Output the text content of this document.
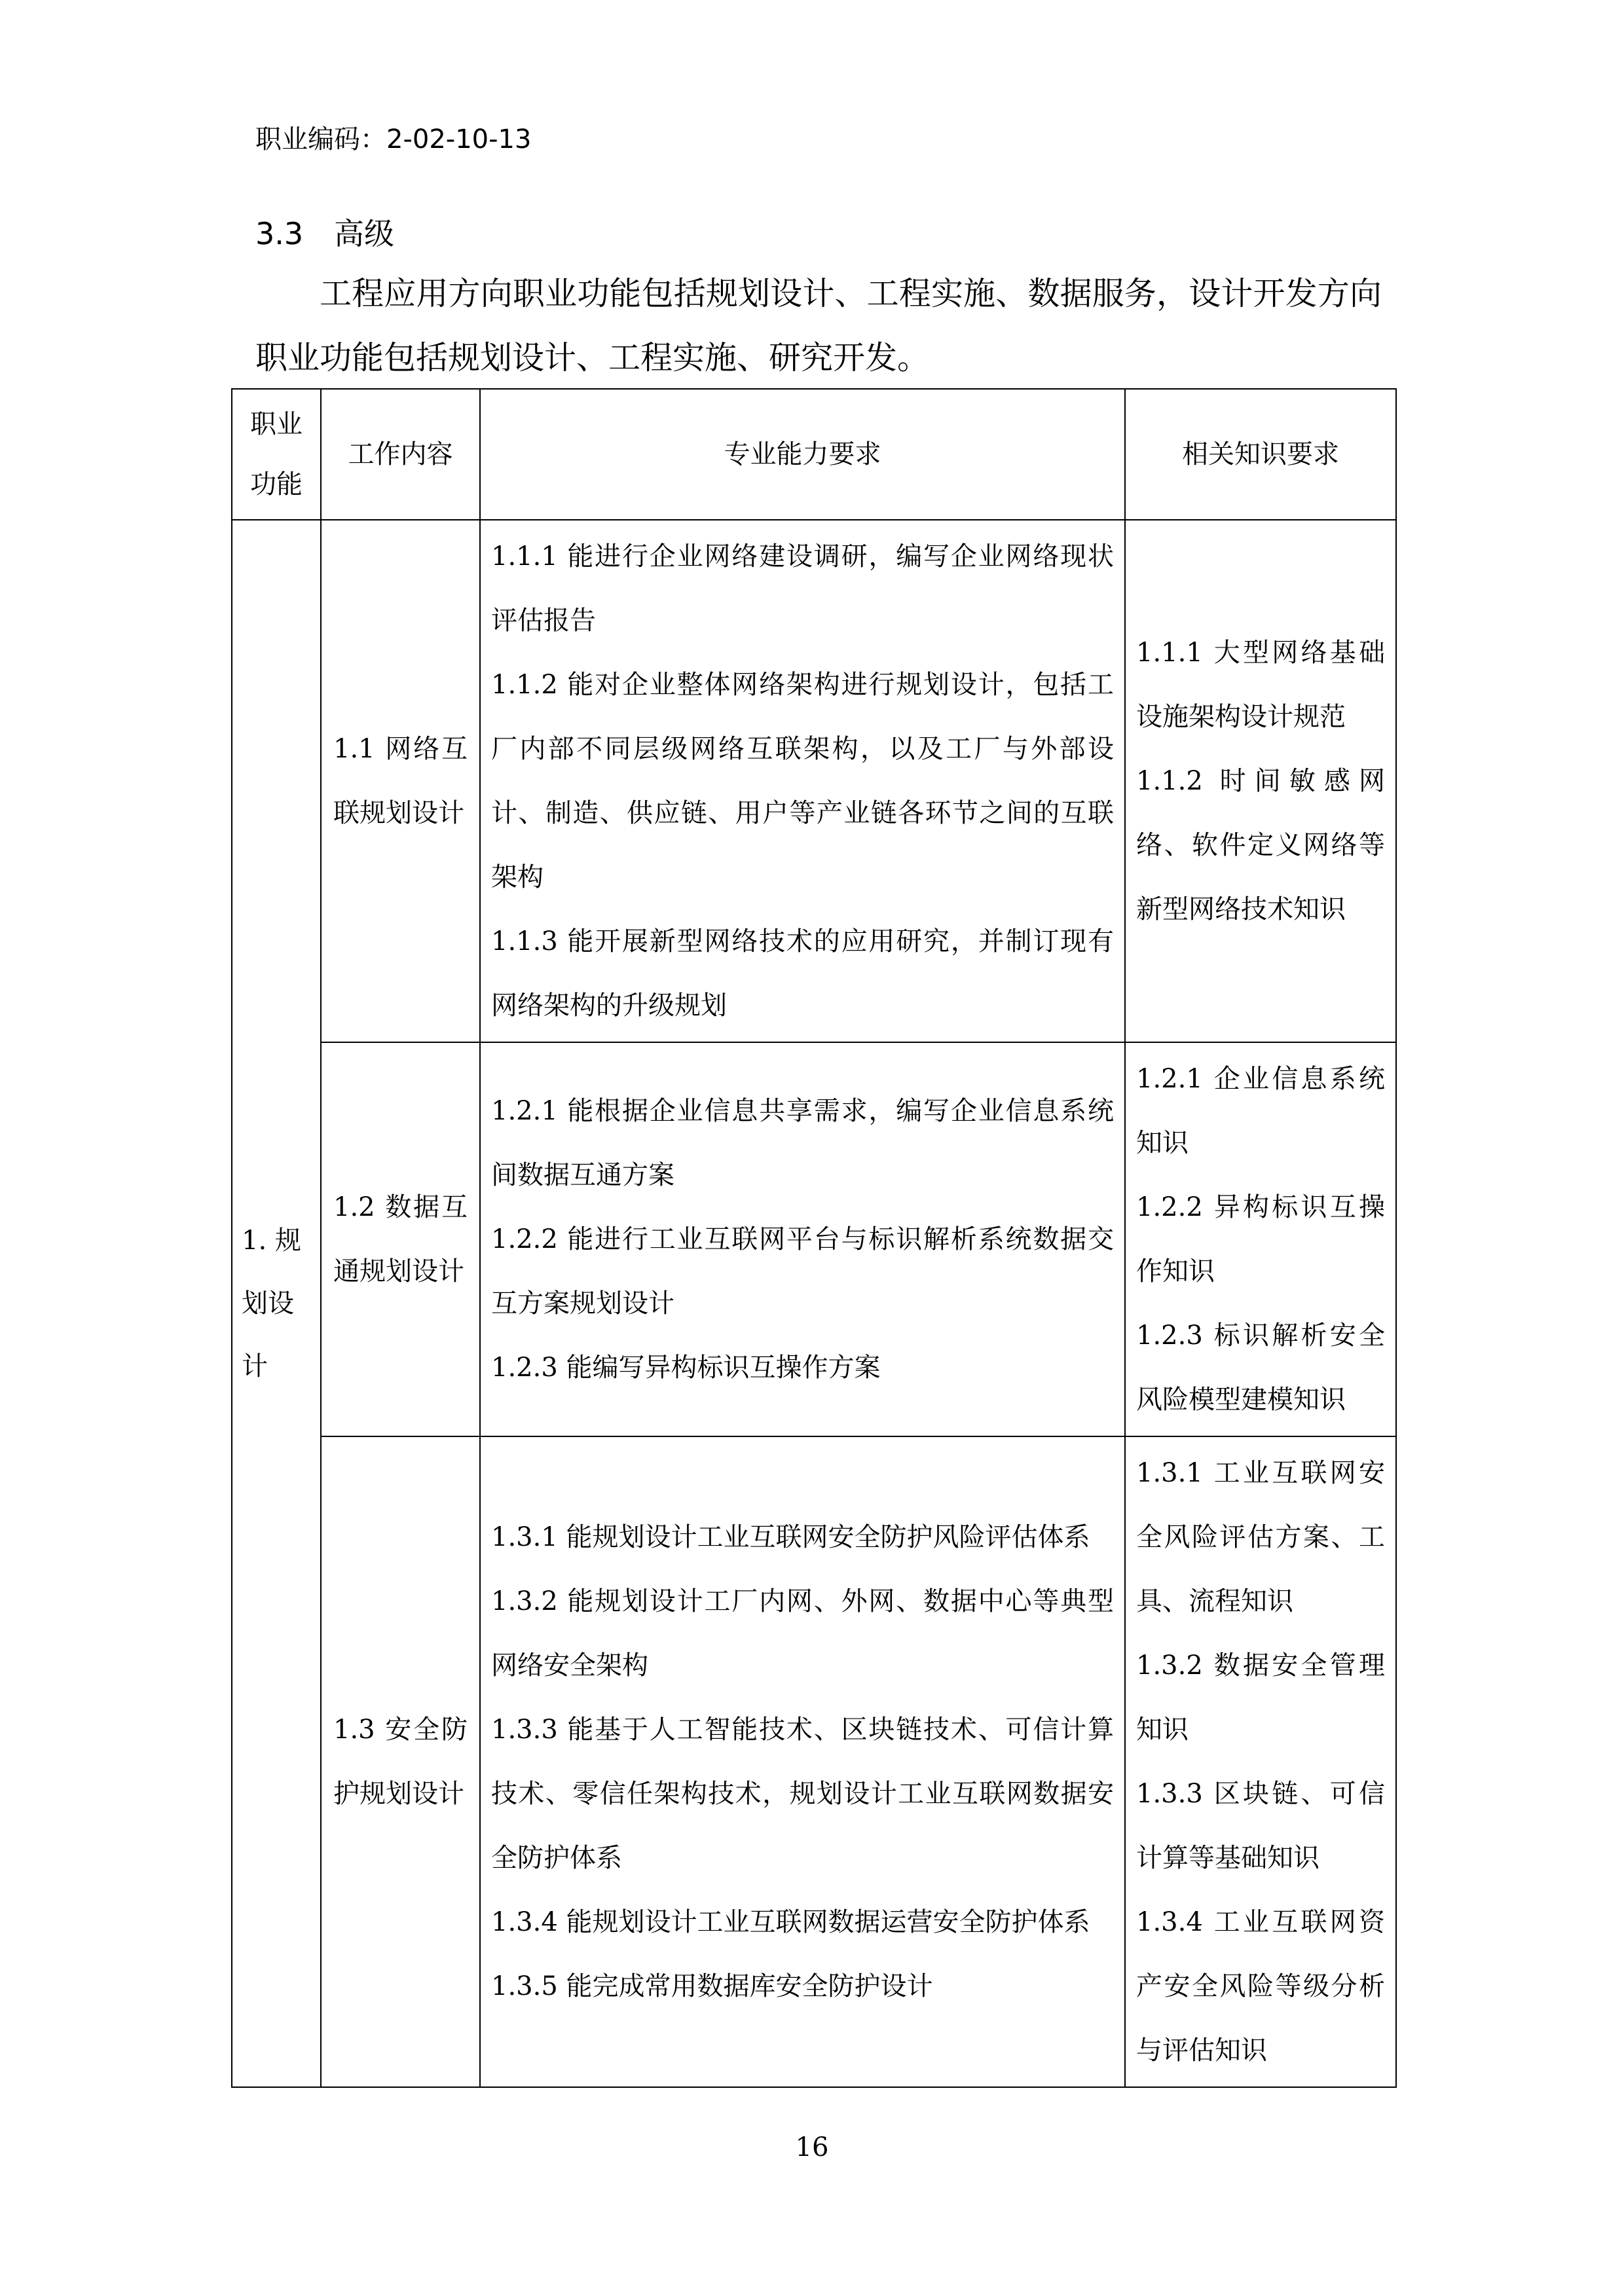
职业编码：2-02-10-13
3.3 高级
工程应用方向职业功能包括规划设计、工程实施、数据服务，设计开发方向职业功能包括规划设计、工程实施、研究开发。
职业
功能	工作内容	专业能力要求	相关知识要求
1. 规划设计	1.1 网络互联规划设计	1.1.1 能进行企业网络建设调研，编写企业网络现状评估报告
1.1.2 能对企业整体网络架构进行规划设计，包括工厂内部不同层级网络互联架构，以及工厂与外部设计、制造、供应链、用户等产业链各环节之间的互联架构
1.1.3 能开展新型网络技术的应用研究，并制订现有网络架构的升级规划	1.1.1 大型网络基础设施架构设计规范
1.1.2 时间敏感网络、软件定义网络等新型网络技术知识

	1.2 数据互通规划设计	1.2.1 能根据企业信息共享需求，编写企业信息系统间数据互通方案
1.2.2 能进行工业互联网平台与标识解析系统数据交互方案规划设计
1.2.3 能编写异构标识互操作方案	1.2.1 企业信息系统知识
1.2.2 异构标识互操作知识
1.2.3 标识解析安全风险模型建模知识

	1.3 安全防护规划设计	1.3.1 能规划设计工业互联网安全防护风险评估体系
1.3.2 能规划设计工厂内网、外网、数据中心等典型网络安全架构
1.3.3 能基于人工智能技术、区块链技术、可信计算技术、零信任架构技术，规划设计工业互联网数据安全防护体系
1.3.4 能规划设计工业互联网数据运营安全防护体系
1.3.5 能完成常用数据库安全防护设计	1.3.1 工业互联网安全风险评估方案、工具、流程知识
1.3.2 数据安全管理知识
1.3.3 区块链、可信计算等基础知识
1.3.4 工业互联网资产安全风险等级分析与评估知识
16
